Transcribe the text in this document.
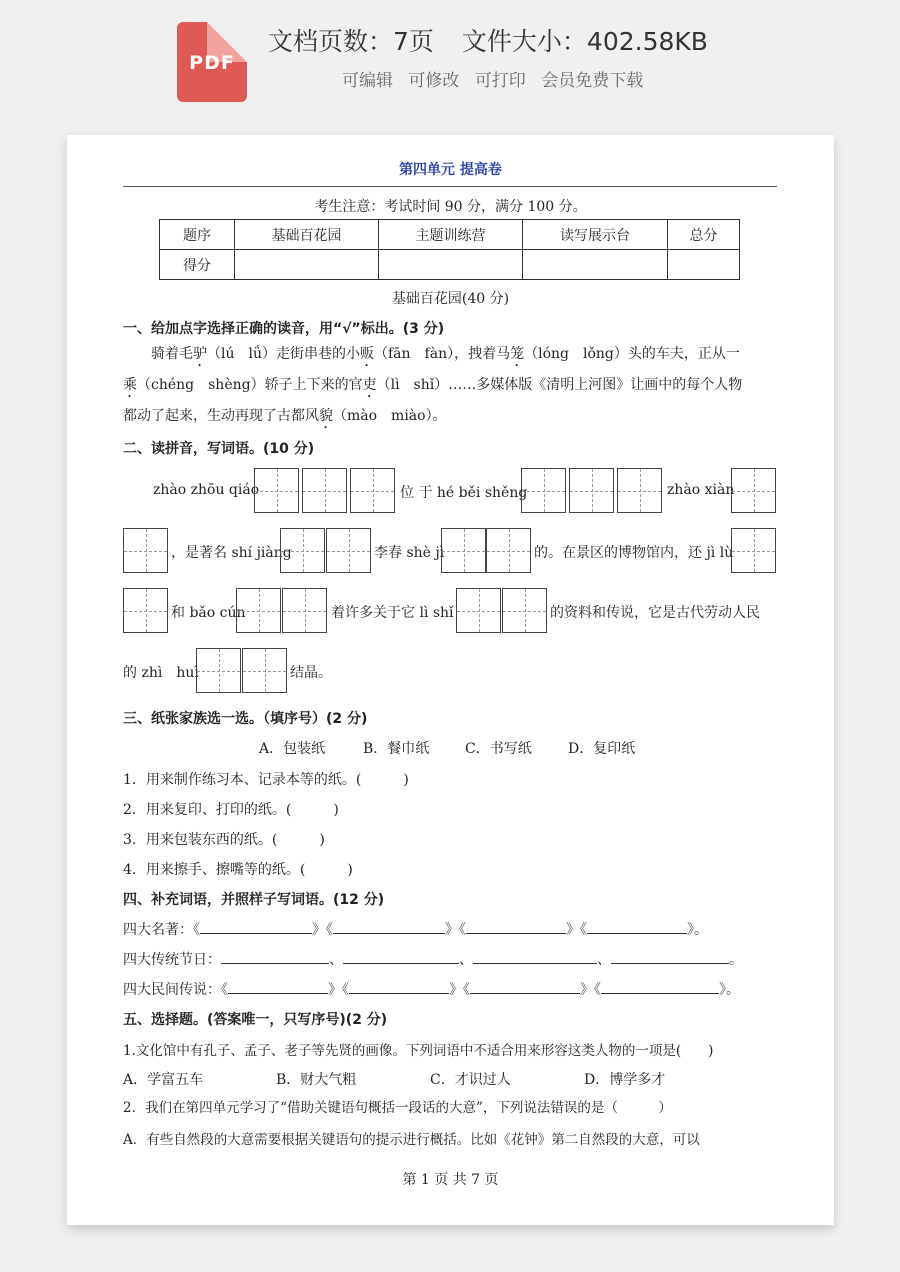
PDF
文档页数：7页 文件大小：402.58KB
可编辑 可修改 可打印 会员免费下载
第四单元 提高卷
考生注意：考试时间 90 分，满分 100 分。
题序	基础百花园	主题训练营	读写展示台	总分
得分				
基础百花园(40 分)
一、给加点字选择正确的读音，用“√”标出。(3 分)
　　骑着毛驴（lú　lǘ）走街串巷的小贩（fān　fàn），拽着马笼（lóng　lǒng）头的车夫，正从一
乘（chéng　shèng）轿子上下来的官吏（lì　shǐ）……多媒体版《清明上河图》让画中的每个人物
都动了起来，生动再现了古都风貌（mào　miào）。
二、读拼音，写词语。(10 分)
zhào zhōu qiáo	位 于 hé běi shěng	zhào xiàn
，是著名 shí jiàng	李春 shè jì	的。在景区的博物馆内，还 jì lù
和 bǎo cún	着许多关于它 lì shǐ	的资料和传说，它是古代劳动人民
的 zhì　huì	结晶。
三、纸张家族选一选。（填序号）(2 分)
A．包装纸	B．餐巾纸	C．书写纸	D．复印纸
1．用来制作练习本、记录本等的纸。(　　　)
2．用来复印、打印的纸。(　　　)
3．用来包装东西的纸。(　　　)
4．用来擦手、擦嘴等的纸。(　　　)
四、补充词语，并照样子写词语。(12 分)
四大名著：《	》《	》《	》《	》。
四大传统节日：	、	、	、	。
四大民间传说：《	》《	》《	》《	》。
五、选择题。(答案唯一，只写序号)(2 分)
1.文化馆中有孔子、孟子、老子等先贤的画像。下列词语中不适合用来形容这类人物的一项是(　　)
A．学富五车	B．财大气粗	C．才识过人	D．博学多才
2．我们在第四单元学习了“借助关键语句概括一段话的大意”，下列说法错误的是（　　　）
A．有些自然段的大意需要根据关键语句的提示进行概括。比如《花钟》第二自然段的大意，可以
第 1 页 共 7 页
